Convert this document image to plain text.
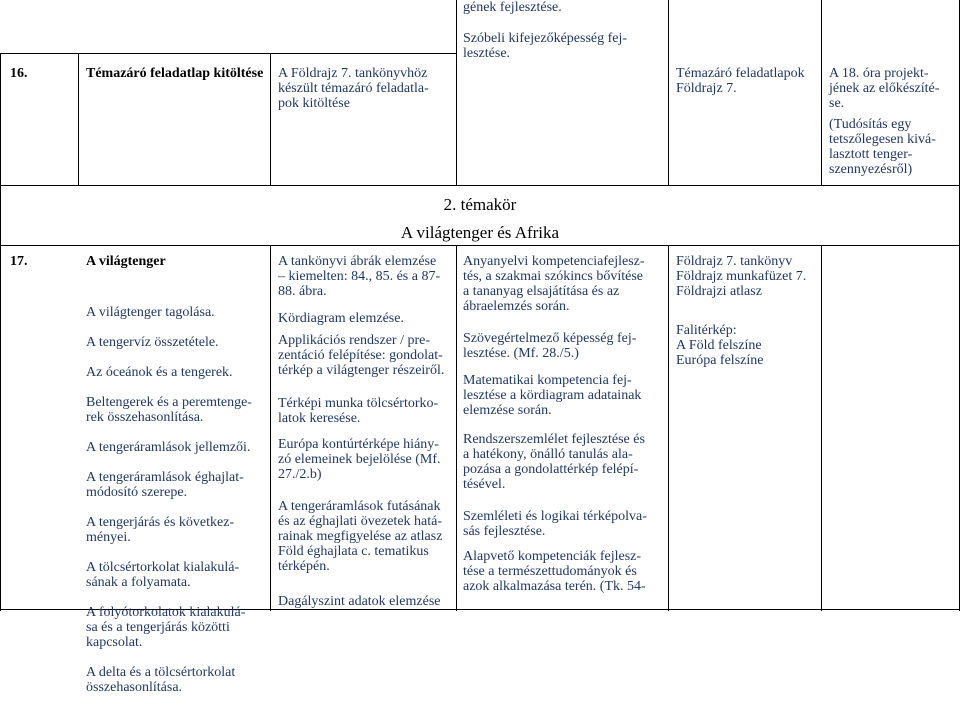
16.	Témazáró feladatlap kitöltése A Földrajz 7. tankönyvhöz
készült témazáró feladatla-
pok kitöltése
gének fejlesztése.
Szóbeli kifejezőképesség fej-
lesztése.
Témazáró feladatlapok
Földrajz 7.
A 18. óra projekt-
jének az előkészíté-
se.
(Tudósítás egy
tetszőlegesen kivá-
lasztott tenger-
szennyezésről)
2. témakör
A világtenger és Afrika
17.	A világtenger

A világtenger tagolása.

A tengervíz összetétele.

Az óceánok és a tengerek.

Beltengerek és a peremtenge-
rek összehasonlítása.

A tengeráramlások jellemzői.

A tengeráramlások éghajlat-
módosító szerepe.

A tengerjárás és következ-
ményei.

A tölcsértorkolat kialakulá-
sának a folyamata.

A folyótorkolatok kialakulá-
sa és a tengerjárás közötti
kapcsolat.

A delta és a tölcsértorkolat
összehasonlítása.

A tankönyvi ábrák elemzése
– kiemelten: 84., 85. és a 87-
88. ábra.
Kördiagram elemzése.
Applikációs rendszer / pre-
zentáció felépítése: gondolat-
térkép a világtenger részeiről.
Térképi munka tölcsértorko-
latok keresése.
Európa kontúrtérképe hiány-
zó elemeinek bejelölése (Mf.
27./2.b)
A tengeráramlások futásának
és az éghajlati övezetek hatá-
rainak megfigyelése az atlasz
Föld éghajlata c. tematikus
térképén.
Dagályszint adatok elemzése
Anyanyelvi kompetenciafejlesz-
tés, a szakmai szókincs bővítése
a tananyag elsajátítása és az
ábraelemzés során.
Szövegértelmező képesség fej-
lesztése. (Mf. 28./5.)
Matematikai kompetencia fej-
lesztése a kördiagram adatainak
elemzése során.
Rendszerszemlélet fejlesztése és
a hatékony, önálló tanulás ala-
pozása a gondolattérkép felépí-
tésével.
Szemléleti és logikai térképolva-
sás fejlesztése.
Alapvető kompetenciák fejlesz-
tése a természettudományok és
azok alkalmazása terén. (Tk. 54-
Földrajz 7. tankönyv
Földrajz munkafüzet 7.
Földrajzi atlasz
Falitérkép:
A Föld felszíne
Európa felszíne
